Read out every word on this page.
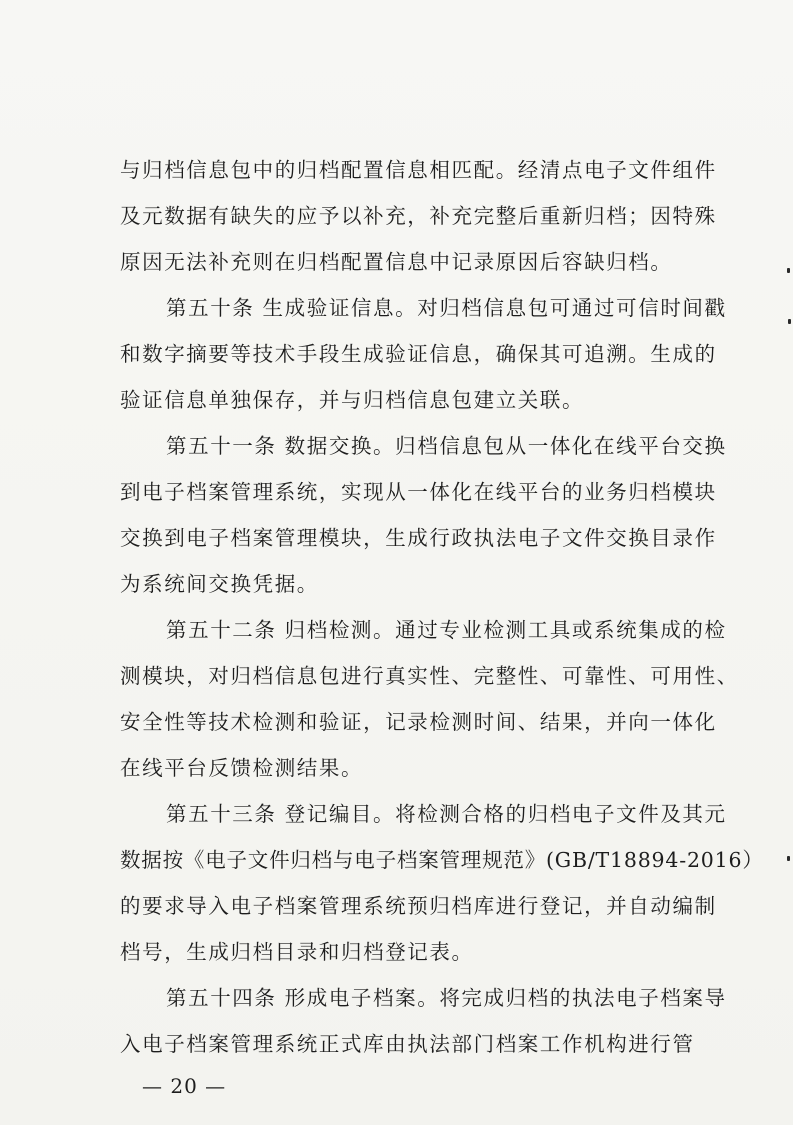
与归档信息包中的归档配置信息相匹配。经清点电子文件组件
及元数据有缺失的应予以补充，补充完整后重新归档；因特殊
原因无法补充则在归档配置信息中记录原因后容缺归档。
第五十条 生成验证信息。对归档信息包可通过可信时间戳
和数字摘要等技术手段生成验证信息，确保其可追溯。生成的
验证信息单独保存，并与归档信息包建立关联。
第五十一条 数据交换。归档信息包从一体化在线平台交换
到电子档案管理系统，实现从一体化在线平台的业务归档模块
交换到电子档案管理模块，生成行政执法电子文件交换目录作
为系统间交换凭据。
第五十二条 归档检测。通过专业检测工具或系统集成的检
测模块，对归档信息包进行真实性、完整性、可靠性、可用性、
安全性等技术检测和验证，记录检测时间、结果，并向一体化
在线平台反馈检测结果。
第五十三条 登记编目。将检测合格的归档电子文件及其元
数据按《电子文件归档与电子档案管理规范》(GB/T18894-2016）
的要求导入电子档案管理系统预归档库进行登记，并自动编制
档号，生成归档目录和归档登记表。
第五十四条 形成电子档案。将完成归档的执法电子档案导
入电子档案管理系统正式库由执法部门档案工作机构进行管
— 20 —
